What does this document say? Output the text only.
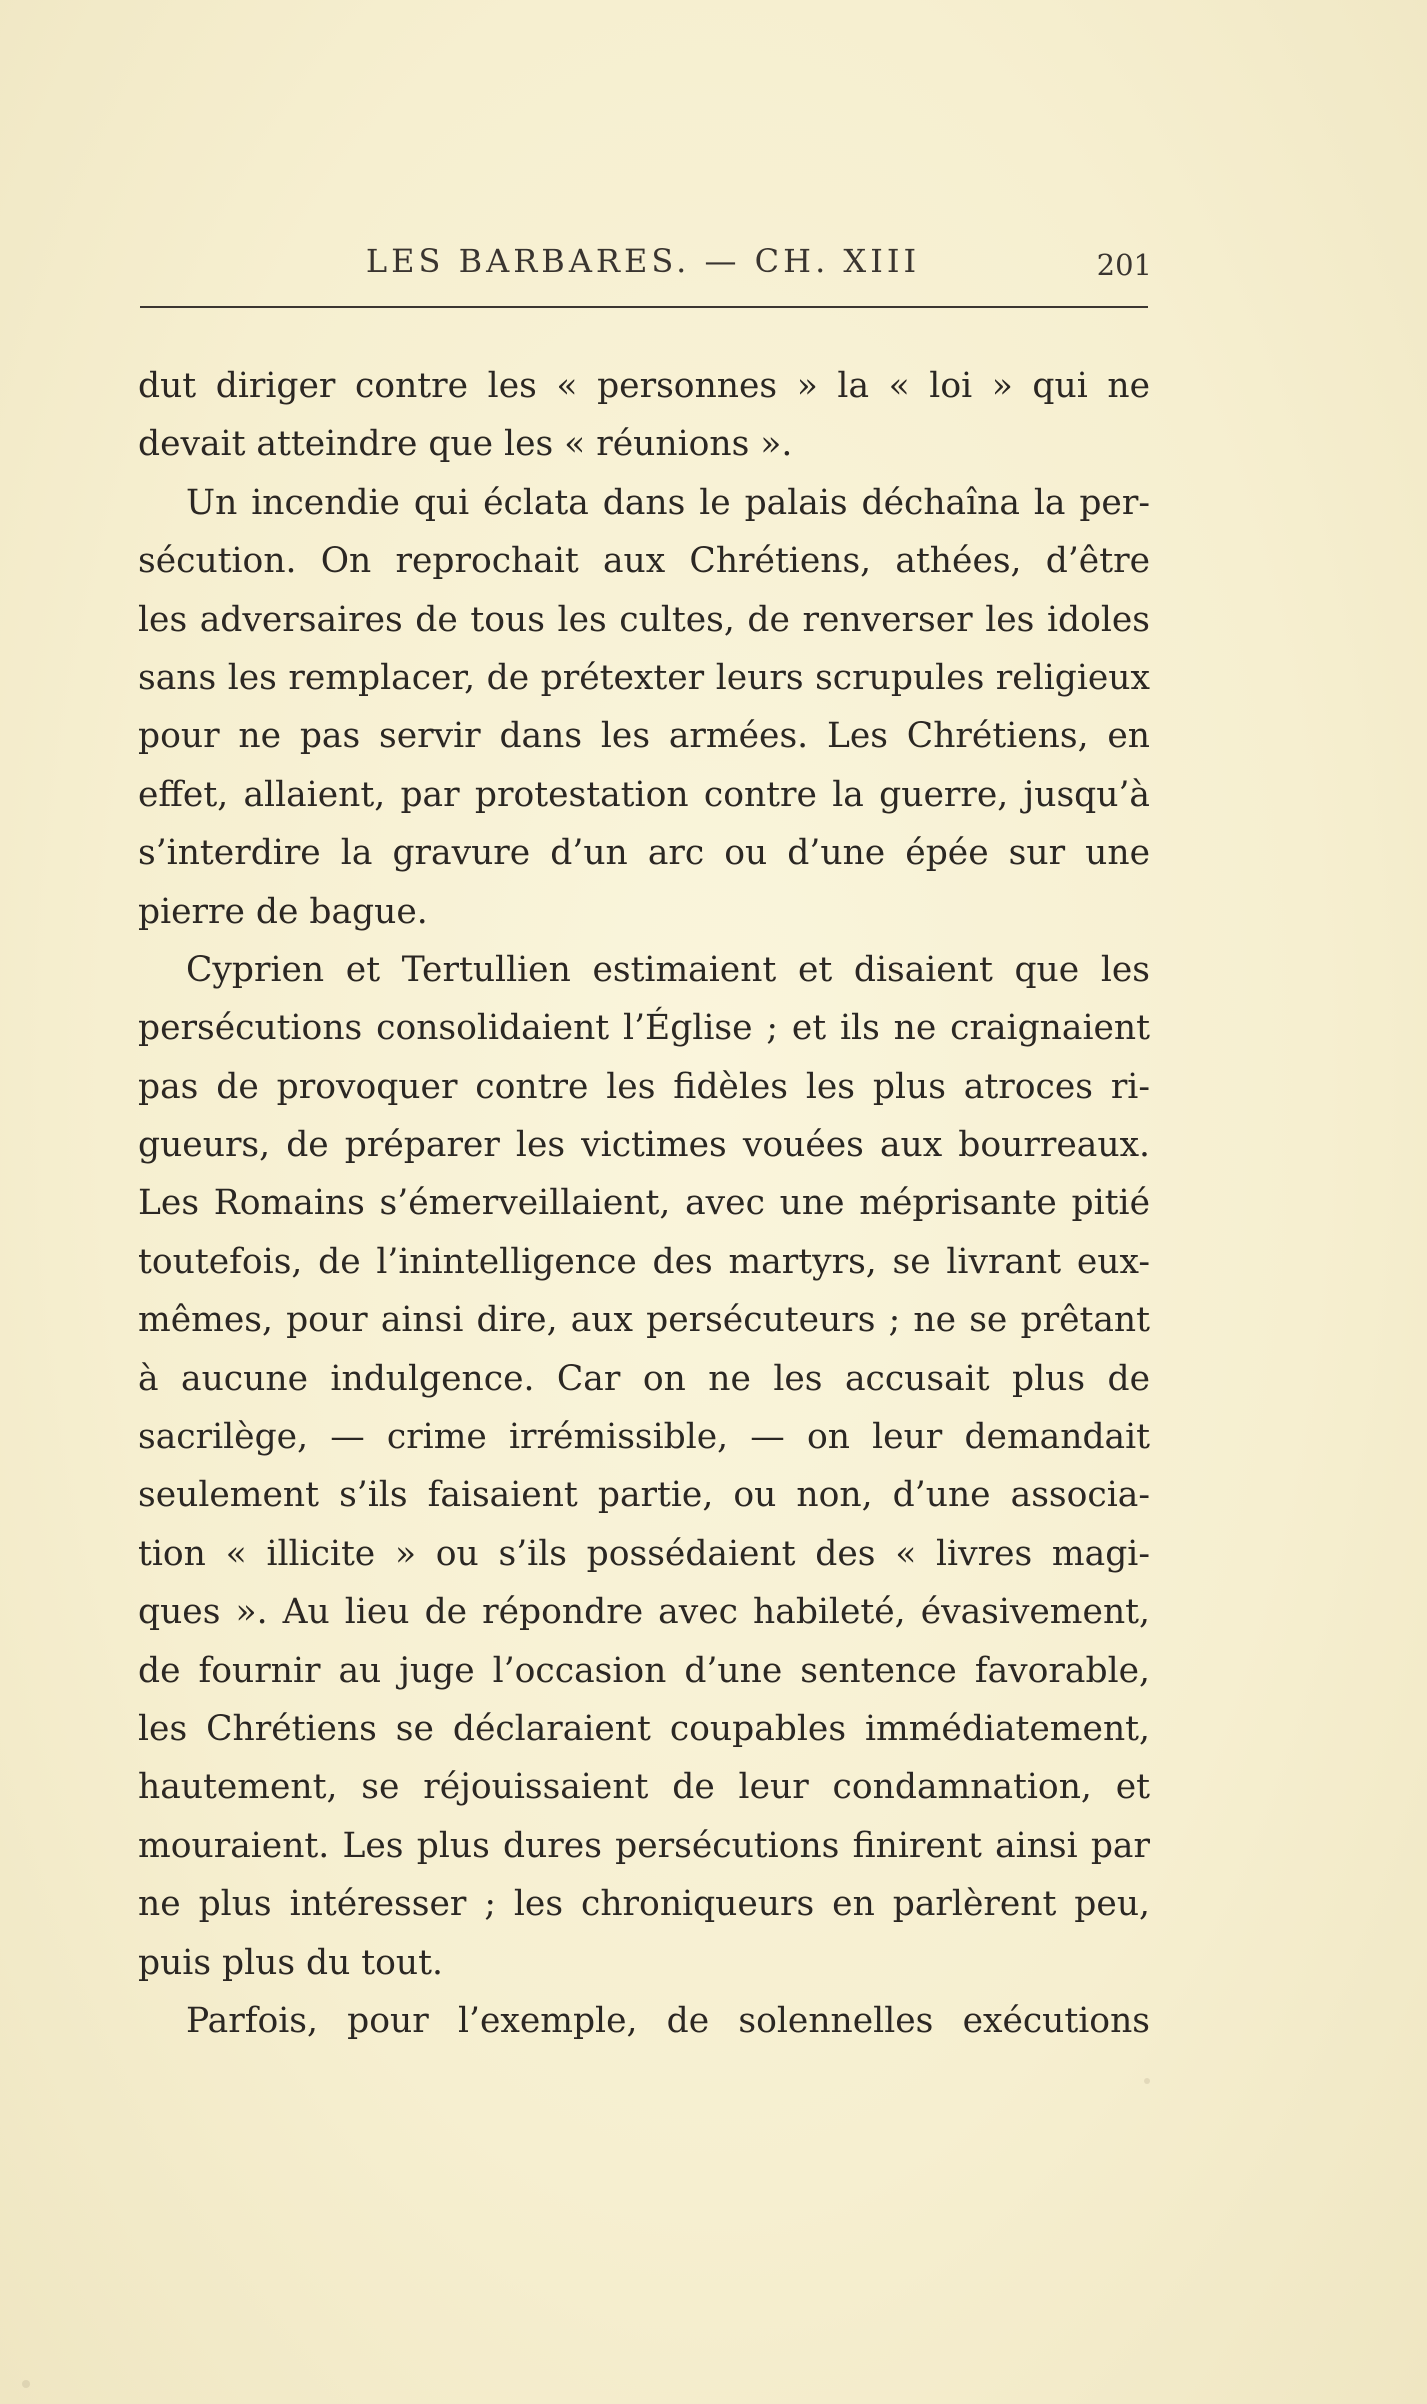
LES BARBARES. — CH. XIII	201
dut diriger contre les « personnes » la « loi » qui ne
devait atteindre que les « réunions ».
Un incendie qui éclata dans le palais déchaîna la per-
sécution. On reprochait aux Chrétiens, athées, d’être
les adversaires de tous les cultes, de renverser les idoles
sans les remplacer, de prétexter leurs scrupules religieux
pour ne pas servir dans les armées. Les Chrétiens, en
effet, allaient, par protestation contre la guerre, jusqu’à
s’interdire la gravure d’un arc ou d’une épée sur une
pierre de bague.
Cyprien et Tertullien estimaient et disaient que les
persécutions consolidaient l’Église ; et ils ne craignaient
pas de provoquer contre les fidèles les plus atroces ri-
gueurs, de préparer les victimes vouées aux bourreaux.
Les Romains s’émerveillaient, avec une méprisante pitié
toutefois, de l’inintelligence des martyrs, se livrant eux-
mêmes, pour ainsi dire, aux persécuteurs ; ne se prêtant
à aucune indulgence. Car on ne les accusait plus de
sacrilège, — crime irrémissible, — on leur demandait
seulement s’ils faisaient partie, ou non, d’une associa-
tion « illicite » ou s’ils possédaient des « livres magi-
ques ». Au lieu de répondre avec habileté, évasivement,
de fournir au juge l’occasion d’une sentence favorable,
les Chrétiens se déclaraient coupables immédiatement,
hautement, se réjouissaient de leur condamnation, et
mouraient. Les plus dures persécutions finirent ainsi par
ne plus intéresser ; les chroniqueurs en parlèrent peu,
puis plus du tout.
Parfois, pour l’exemple, de solennelles exécutions
